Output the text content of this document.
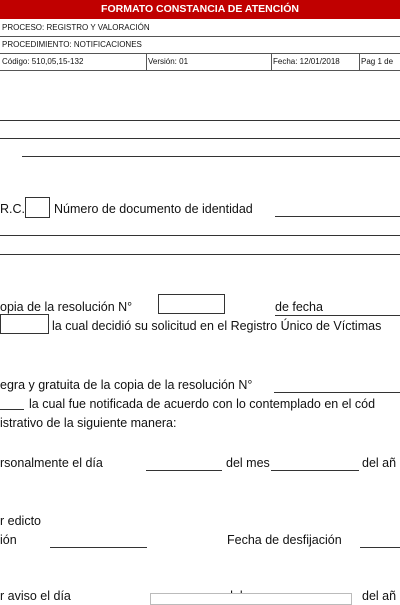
FORMATO CONSTANCIA DE ATENCIÓN
PROCESO: REGISTRO Y VALORACIÓN
PROCEDIMIENTO: NOTIFICACIONES
Código: 510,05,15-132	Versión: 01	Fecha: 12/01/2018	Pag 1 de
R.C. Número de documento de identidad
opia de la resolución N°	de fecha
la cual decidió su solicitud en el Registro Único de Víctimas
egra y gratuita de la copia de la resolución N°
la cual fue notificada de acuerdo con lo contemplado en el cód
istrativo de la siguiente manera:
rsonalmente el día	del mes	del añ
r edicto
ión	Fecha de desfijación
r aviso el día	del añ
